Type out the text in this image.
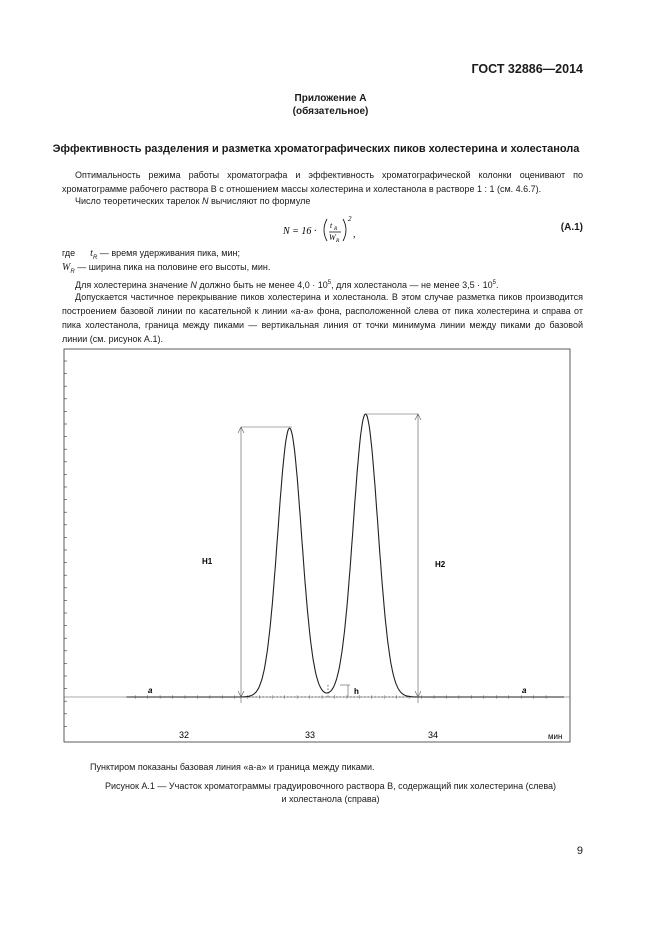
ГОСТ 32886—2014
Приложение А
(обязательное)
Эффективность разделения и разметка хроматографических пиков холестерина и холестанола
Оптимальность режима работы хроматографа и эффективность хроматографической колонки оценивают по хроматограмме рабочего раствора В с отношением массы холестерина и холестанола в растворе 1 : 1 (см. 4.6.7).
Число теоретических тарелок N вычисляют по формуле
N = 16 ·
t R
W R
2
,
(А.1)
где $t_R$ — время удерживания пика, мин;
$W_R$ — ширина пика на половине его высоты, мин.
Для холестерина значение N должно быть не менее $4,0 \cdot 10^5$, для холестанола — не менее $3,5 \cdot 10^5$.
Допускается частичное перекрывание пиков холестерина и холестанола. В этом случае разметка пиков производится построением базовой линии по касательной к линии «а-а» фона, расположенной слева от пика холестерина и справа от пика холестанола, граница между пиками — вертикальная линия от точки минимума линии между пиками до базовой линии (см. рисунок А.1).
H1	H2
h
a	a
32	33	34	мин
Пунктиром показаны базовая линия «а-а» и граница между пиками.
Рисунок А.1 — Участок хроматограммы градуировочного раствора В, содержащий пик холестерина (слева)
и холестанола (справа)
9
